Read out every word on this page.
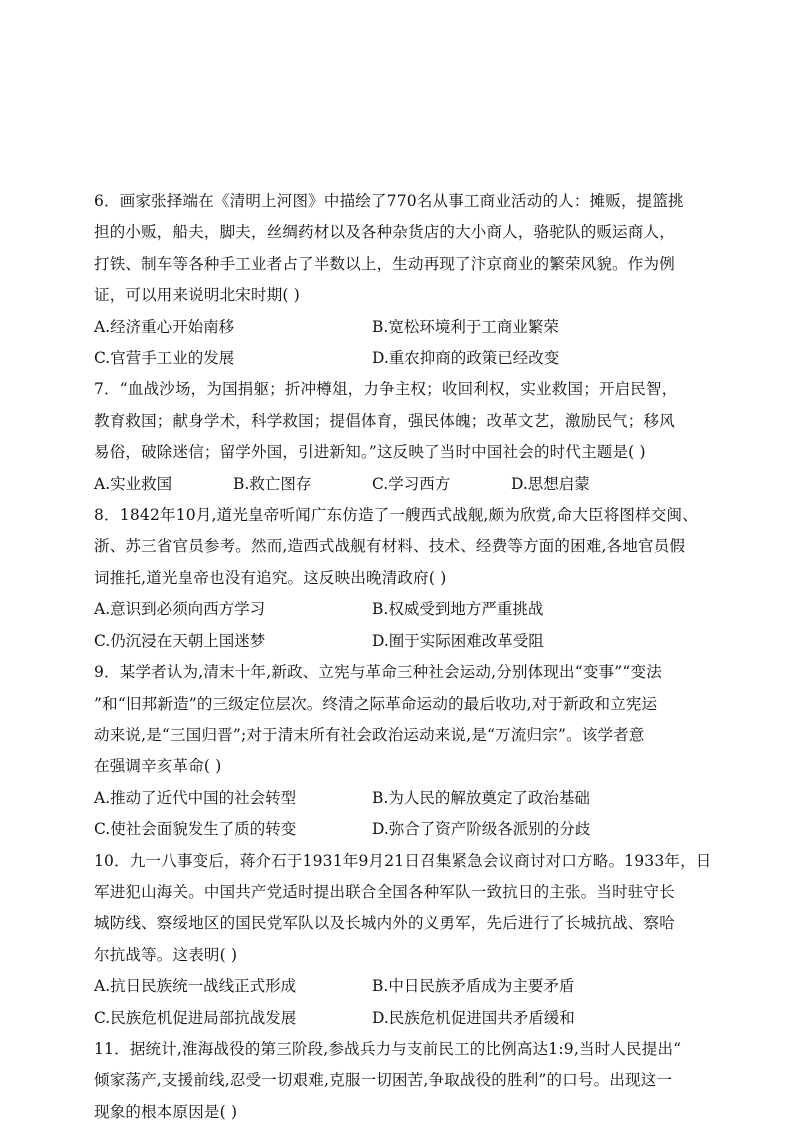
6．画家张择端在《清明上河图》中描绘了770名从事工商业活动的人：摊贩，提篮挑
担的小贩，船夫，脚夫，丝绸药材以及各种杂货店的大小商人，骆驼队的贩运商人，
打铁、制车等各种手工业者占了半数以上，生动再现了汴京商业的繁荣风貌。作为例
证，可以用来说明北宋时期( )

A.经济重心开始南移	B.宽松环境利于工商业繁荣
C.官营手工业的发展	D.重农抑商的政策已经改变

7．“血战沙场，为国捐躯；折冲樽俎，力争主权；收回利权，实业救国；开启民智，
教育救国；献身学术，科学救国；提倡体育，强民体魄；改革文艺，激励民气；移风
易俗，破除迷信；留学外国，引进新知。”这反映了当时中国社会的时代主题是( )

A.实业救国	B.救亡图存	C.学习西方	D.思想启蒙

8．1842年10月,道光皇帝听闻广东仿造了一艘西式战舰,颇为欣赏,命大臣将图样交闽、
浙、苏三省官员参考。然而,造西式战舰有材料、技术、经费等方面的困难,各地官员假
词推托,道光皇帝也没有追究。这反映出晚清政府( )

A.意识到必须向西方学习	B.权威受到地方严重挑战
C.仍沉浸在天朝上国迷梦	D.囿于实际困难改革受阻

9．某学者认为,清末十年,新政、立宪与革命三种社会运动,分别体现出“变事”“变法
”和“旧邦新造”的三级定位层次。终清之际革命运动的最后收功,对于新政和立宪运
动来说,是“三国归晋”;对于清末所有社会政治运动来说,是“万流归宗”。该学者意
在强调辛亥革命( )

A.推动了近代中国的社会转型	B.为人民的解放奠定了政治基础
C.使社会面貌发生了质的转变	D.弥合了资产阶级各派别的分歧

10．九一八事变后，蒋介石于1931年9月21日召集紧急会议商讨对口方略。1933年，日
军进犯山海关。中国共产党适时提出联合全国各种军队一致抗日的主张。当时驻守长
城防线、察绥地区的国民党军队以及长城内外的义勇军，先后进行了长城抗战、察哈
尔抗战等。这表明( )

A.抗日民族统一战线正式形成	B.中日民族矛盾成为主要矛盾
C.民族危机促进局部抗战发展	D.民族危机促进国共矛盾缓和

11．据统计,淮海战役的第三阶段,参战兵力与支前民工的比例高达1:9,当时人民提出“
倾家荡产,支援前线,忍受一切艰难,克服一切困苦,争取战役的胜利”的口号。出现这一
现象的根本原因是( )
